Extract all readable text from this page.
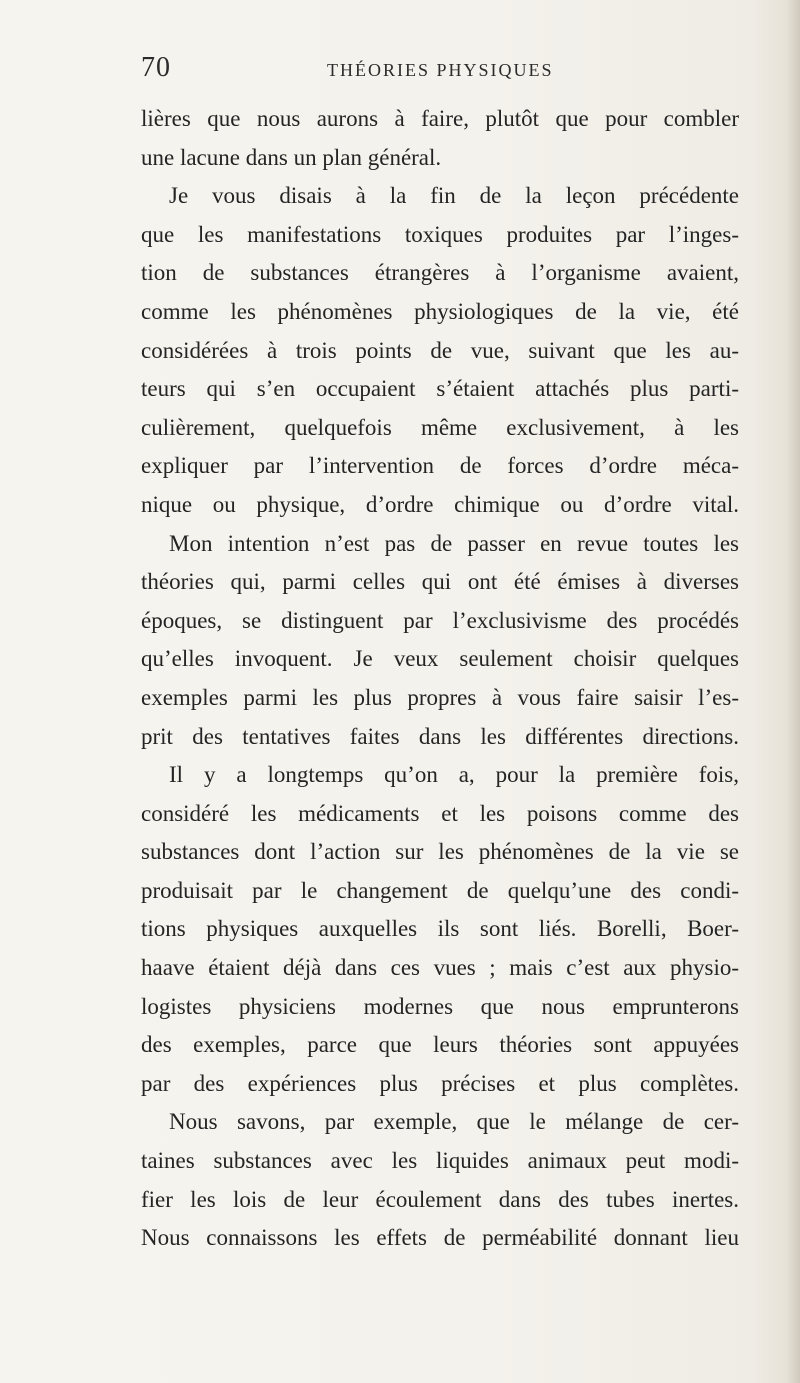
70	THÉORIES PHYSIQUES
lières que nous aurons à faire, plutôt que pour combler
une lacune dans un plan général.
Je vous disais à la fin de la leçon précédente
que les manifestations toxiques produites par l’inges-
tion de substances étrangères à l’organisme avaient,
comme les phénomènes physiologiques de la vie, été
considérées à trois points de vue, suivant que les au-
teurs qui s’en occupaient s’étaient attachés plus parti-
culièrement, quelquefois même exclusivement, à les
expliquer par l’intervention de forces d’ordre méca-
nique ou physique, d’ordre chimique ou d’ordre vital.
Mon intention n’est pas de passer en revue toutes les
théories qui, parmi celles qui ont été émises à diverses
époques, se distinguent par l’exclusivisme des procédés
qu’elles invoquent. Je veux seulement choisir quelques
exemples parmi les plus propres à vous faire saisir l’es-
prit des tentatives faites dans les différentes directions.
Il y a longtemps qu’on a, pour la première fois,
considéré les médicaments et les poisons comme des
substances dont l’action sur les phénomènes de la vie se
produisait par le changement de quelqu’une des condi-
tions physiques auxquelles ils sont liés. Borelli, Boer-
haave étaient déjà dans ces vues ; mais c’est aux physio-
logistes physiciens modernes que nous emprunterons
des exemples, parce que leurs théories sont appuyées
par des expériences plus précises et plus complètes.
Nous savons, par exemple, que le mélange de cer-
taines substances avec les liquides animaux peut modi-
fier les lois de leur écoulement dans des tubes inertes.
Nous connaissons les effets de perméabilité donnant lieu
